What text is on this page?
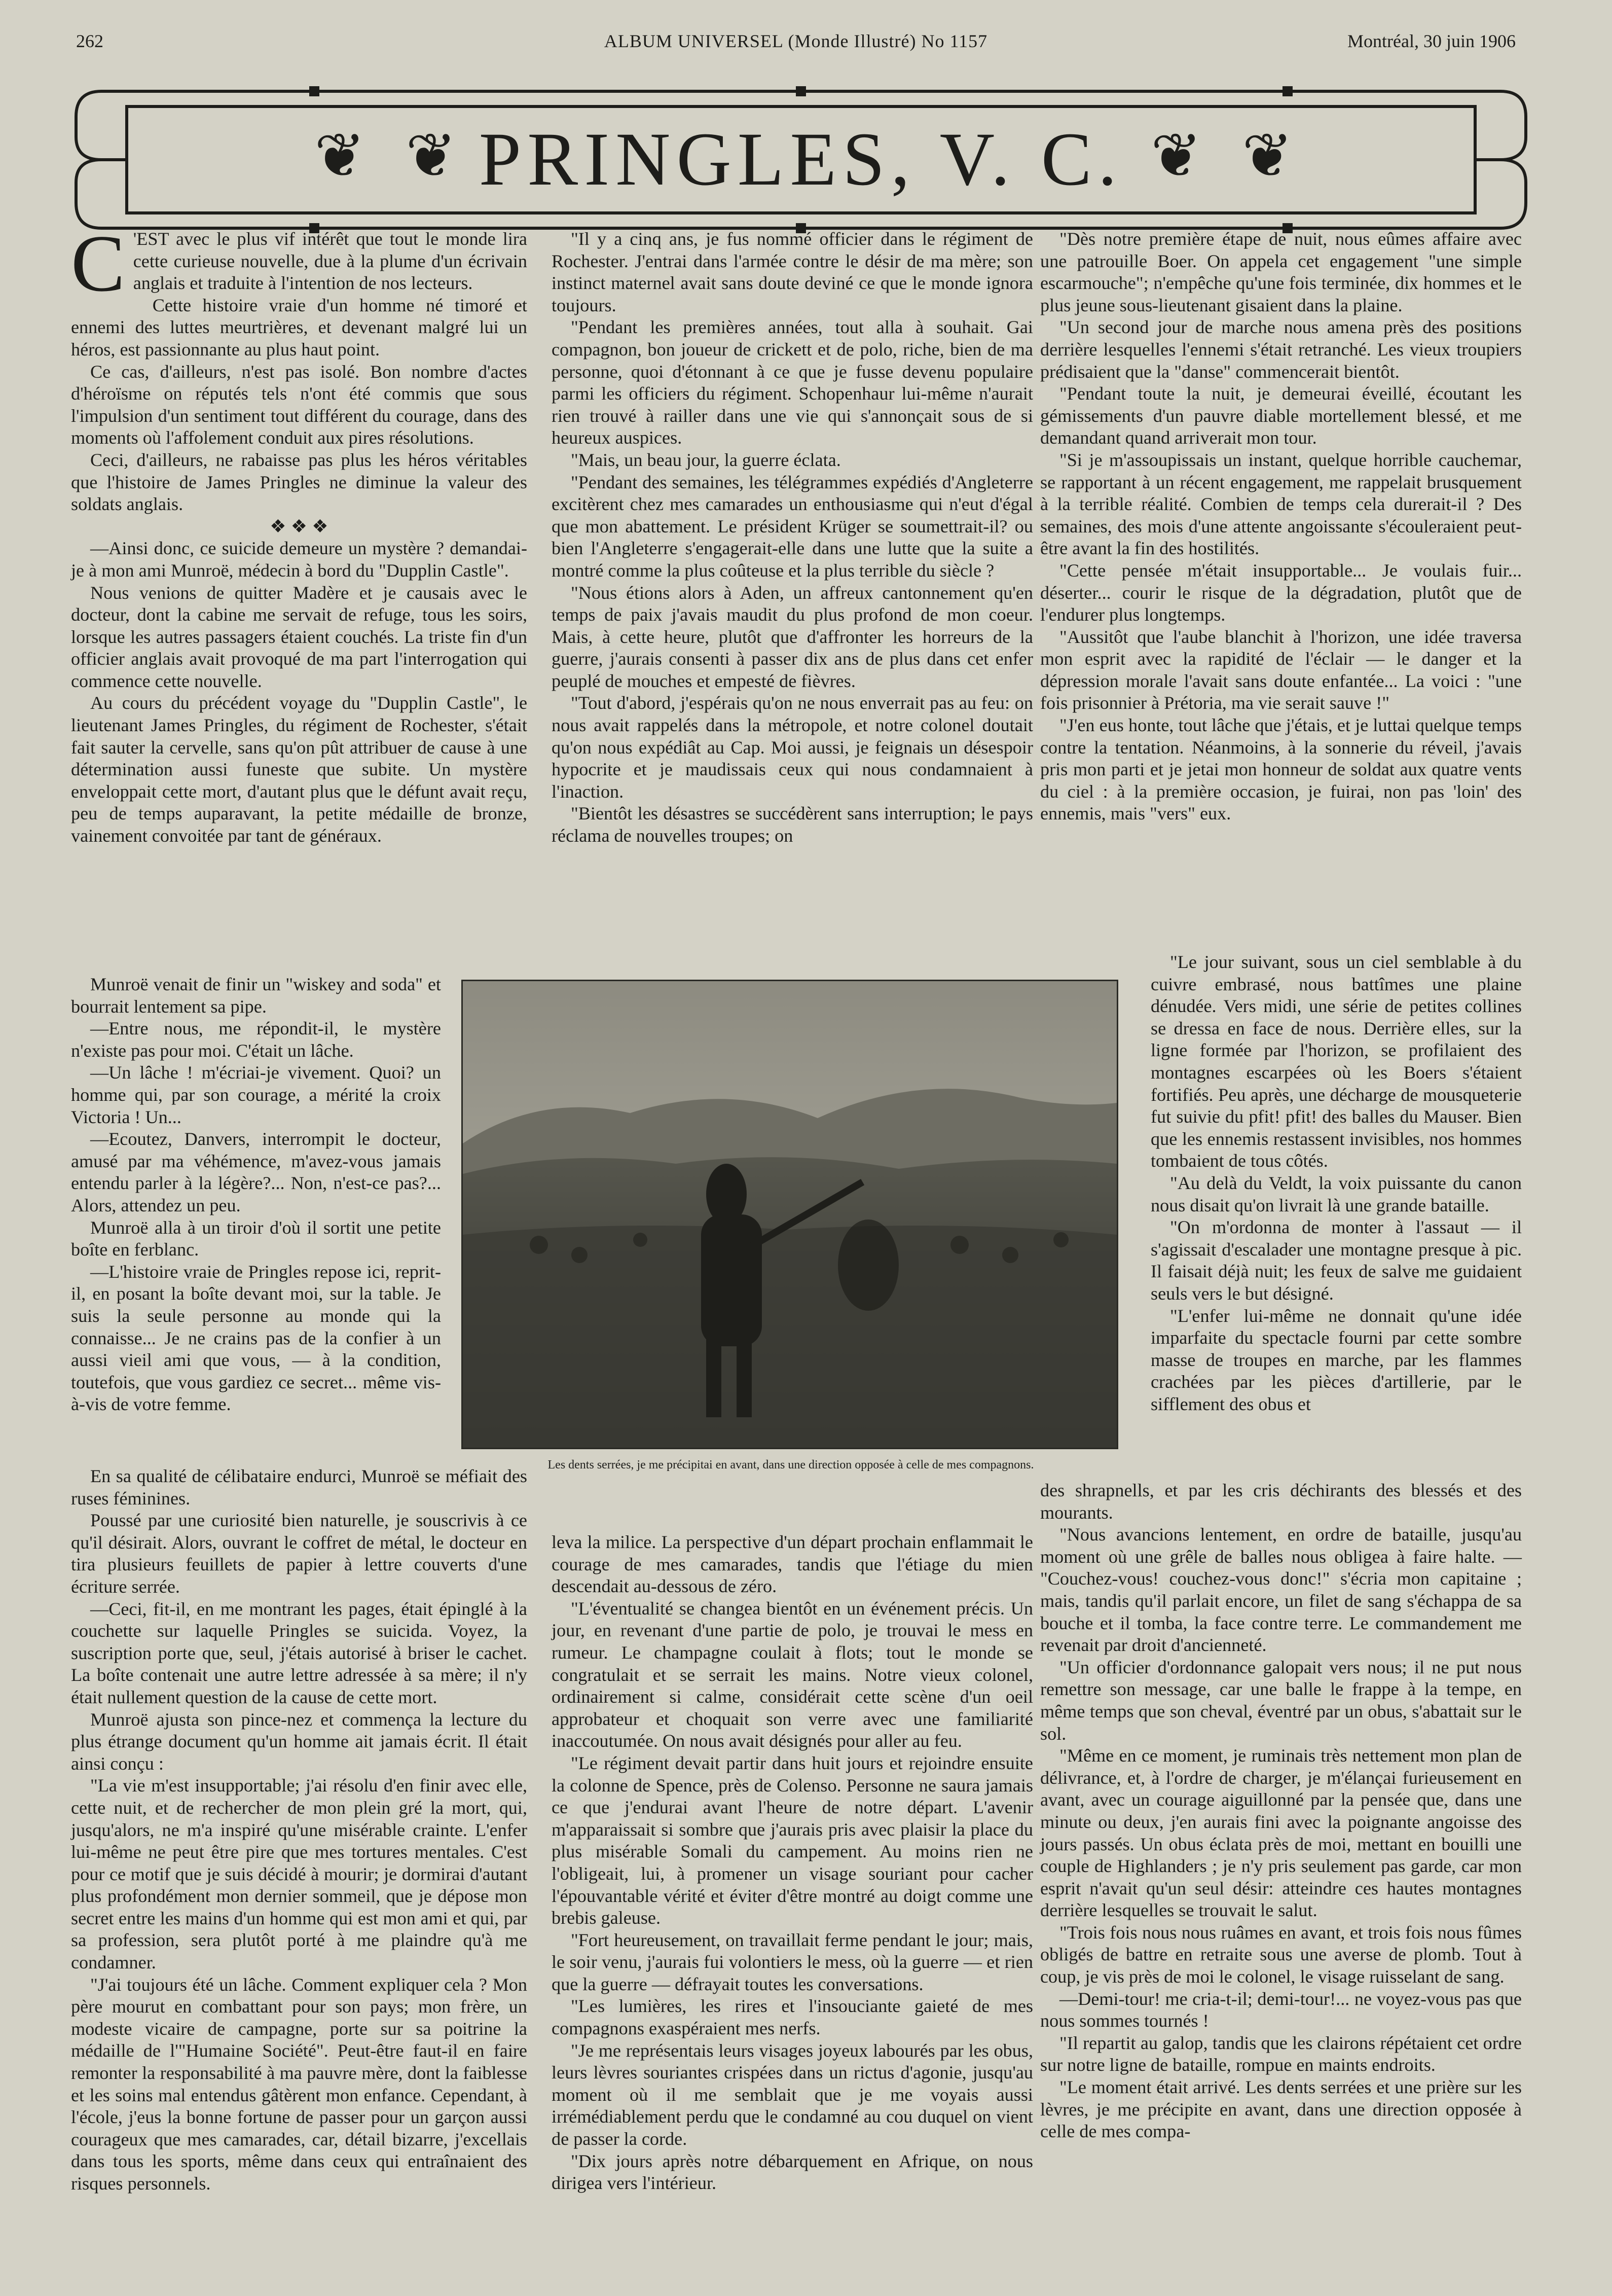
262	ALBUM UNIVERSEL (Monde Illustré) No 1157	Montréal, 30 juin 1906
❦ ❦	❦ ❦
PRINGLES, V. C.

C 'EST avec le plus vif intérêt que tout le monde lira cette curieuse nouvelle, due à la plume d'un écrivain anglais et traduite à l'intention de nos lecteurs.

Cette histoire vraie d'un homme né timoré et ennemi des luttes meurtrières, et devenant malgré lui un héros, est passionnante au plus haut point.

Ce cas, d'ailleurs, n'est pas isolé. Bon nombre d'actes d'héroïsme on réputés tels n'ont été commis que sous l'impulsion d'un sentiment tout différent du courage, dans des moments où l'affolement conduit aux pires résolutions.

Ceci, d'ailleurs, ne rabaisse pas plus les héros véritables que l'histoire de James Pringles ne diminue la valeur des soldats anglais.

❖ ❖ ❖

—Ainsi donc, ce suicide demeure un mystère ? demandai-je à mon ami Munroë, médecin à bord du "Dupplin Castle".

Nous venions de quitter Madère et je causais avec le docteur, dont la cabine me servait de refuge, tous les soirs, lorsque les autres passagers étaient couchés. La triste fin d'un officier anglais avait provoqué de ma part l'interrogation qui commence cette nouvelle.

Au cours du précédent voyage du "Dupplin Castle", le lieutenant James Pringles, du régiment de Rochester, s'était fait sauter la cervelle, sans qu'on pût attribuer de cause à une détermination aussi funeste que subite. Un mystère enveloppait cette mort, d'autant plus que le défunt avait reçu, peu de temps auparavant, la petite médaille de bronze, vainement convoitée par tant de généraux.

Munroë venait de finir un "wiskey and soda" et bourrait lentement sa pipe.

—Entre nous, me répondit-il, le mystère n'existe pas pour moi. C'était un lâche.

—Un lâche ! m'écriai-je vivement. Quoi? un homme qui, par son courage, a mérité la croix Victoria ! Un...

—Ecoutez, Danvers, interrompit le docteur, amusé par ma véhémence, m'avez-vous jamais entendu parler à la légère?... Non, n'est-ce pas?... Alors, attendez un peu.

Munroë alla à un tiroir d'où il sortit une petite boîte en ferblanc.

—L'histoire vraie de Pringles repose ici, reprit-il, en posant la boîte devant moi, sur la table. Je suis la seule personne au monde qui la connaisse... Je ne crains pas de la confier à un aussi vieil ami que vous, — à la condition, toutefois, que vous gardiez ce secret... même vis-à-vis de votre femme.

En sa qualité de célibataire endurci, Munroë se méfiait des ruses féminines.

Poussé par une curiosité bien naturelle, je souscrivis à ce qu'il désirait. Alors, ouvrant le coffret de métal, le docteur en tira plusieurs feuillets de papier à lettre couverts d'une écriture serrée.

—Ceci, fit-il, en me montrant les pages, était épinglé à la couchette sur laquelle Pringles se suicida. Voyez, la suscription porte que, seul, j'étais autorisé à briser le cachet. La boîte contenait une autre lettre adressée à sa mère; il n'y était nullement question de la cause de cette mort.

Munroë ajusta son pince-nez et commença la lecture du plus étrange document qu'un homme ait jamais écrit. Il était ainsi conçu :

"La vie m'est insupportable; j'ai résolu d'en finir avec elle, cette nuit, et de rechercher de mon plein gré la mort, qui, jusqu'alors, ne m'a inspiré qu'une misérable crainte. L'enfer lui-même ne peut être pire que mes tortures mentales. C'est pour ce motif que je suis décidé à mourir; je dormirai d'autant plus profondément mon dernier sommeil, que je dépose mon secret entre les mains d'un homme qui est mon ami et qui, par sa profession, sera plutôt porté à me plaindre qu'à me condamner.

"J'ai toujours été un lâche. Comment expliquer cela ? Mon père mourut en combattant pour son pays; mon frère, un modeste vicaire de campagne, porte sur sa poitrine la médaille de l'"Humaine Société". Peut-être faut-il en faire remonter la responsabilité à ma pauvre mère, dont la faiblesse et les soins mal entendus gâtèrent mon enfance. Cependant, à l'école, j'eus la bonne fortune de passer pour un garçon aussi courageux que mes camarades, car, détail bizarre, j'excellais dans tous les sports, même dans ceux qui entraînaient des risques personnels.

"Il y a cinq ans, je fus nommé officier dans le régiment de Rochester. J'entrai dans l'armée contre le désir de ma mère; son instinct maternel avait sans doute deviné ce que le monde ignora toujours.

"Pendant les premières années, tout alla à souhait. Gai compagnon, bon joueur de crickett et de polo, riche, bien de ma personne, quoi d'étonnant à ce que je fusse devenu populaire parmi les officiers du régiment. Schopenhaur lui-même n'aurait rien trouvé à railler dans une vie qui s'annonçait sous de si heureux auspices.

"Mais, un beau jour, la guerre éclata.

"Pendant des semaines, les télégrammes expédiés d'Angleterre excitèrent chez mes camarades un enthousiasme qui n'eut d'égal que mon abattement. Le président Krüger se soumettrait-il? ou bien l'Angleterre s'engagerait-elle dans une lutte que la suite a montré comme la plus coûteuse et la plus terrible du siècle ?

"Nous étions alors à Aden, un affreux cantonnement qu'en temps de paix j'avais maudit du plus profond de mon coeur. Mais, à cette heure, plutôt que d'affronter les horreurs de la guerre, j'aurais consenti à passer dix ans de plus dans cet enfer peuplé de mouches et empesté de fièvres.

"Tout d'abord, j'espérais qu'on ne nous enverrait pas au feu: on nous avait rappelés dans la métropole, et notre colonel doutait qu'on nous expédiât au Cap. Moi aussi, je feignais un désespoir hypocrite et je maudissais ceux qui nous condamnaient à l'inaction.

"Bientôt les désastres se succédèrent sans interruption; le pays réclama de nouvelles troupes; on

leva la milice. La perspective d'un départ prochain enflammait le courage de mes camarades, tandis que l'étiage du mien descendait au-dessous de zéro.

"L'éventualité se changea bientôt en un événement précis. Un jour, en revenant d'une partie de polo, je trouvai le mess en rumeur. Le champagne coulait à flots; tout le monde se congratulait et se serrait les mains. Notre vieux colonel, ordinairement si calme, considérait cette scène d'un oeil approbateur et choquait son verre avec une familiarité inaccoutumée. On nous avait désignés pour aller au feu.

"Le régiment devait partir dans huit jours et rejoindre ensuite la colonne de Spence, près de Colenso. Personne ne saura jamais ce que j'endurai avant l'heure de notre départ. L'avenir m'apparaissait si sombre que j'aurais pris avec plaisir la place du plus misérable Somali du campement. Au moins rien ne l'obligeait, lui, à promener un visage souriant pour cacher l'épouvantable vérité et éviter d'être montré au doigt comme une brebis galeuse.

"Fort heureusement, on travaillait ferme pendant le jour; mais, le soir venu, j'aurais fui volontiers le mess, où la guerre — et rien que la guerre — défrayait toutes les conversations.

"Les lumières, les rires et l'insouciante gaieté de mes compagnons exaspéraient mes nerfs.

"Je me représentais leurs visages joyeux labourés par les obus, leurs lèvres souriantes crispées dans un rictus d'agonie, jusqu'au moment où il me semblait que je me voyais aussi irrémédiablement perdu que le condamné au cou duquel on vient de passer la corde.

"Dix jours après notre débarquement en Afrique, on nous dirigea vers l'intérieur.

"Dès notre première étape de nuit, nous eûmes affaire avec une patrouille Boer. On appela cet engagement "une simple escarmouche"; n'empêche qu'une fois terminée, dix hommes et le plus jeune sous-lieutenant gisaient dans la plaine.

"Un second jour de marche nous amena près des positions derrière lesquelles l'ennemi s'était retranché. Les vieux troupiers prédisaient que la "danse" commencerait bientôt.

"Pendant toute la nuit, je demeurai éveillé, écoutant les gémissements d'un pauvre diable mortellement blessé, et me demandant quand arriverait mon tour.

"Si je m'assoupissais un instant, quelque horrible cauchemar, se rapportant à un récent engagement, me rappelait brusquement à la terrible réalité. Combien de temps cela durerait-il ? Des semaines, des mois d'une attente angoissante s'écouleraient peut-être avant la fin des hostilités.

"Cette pensée m'était insupportable... Je voulais fuir... déserter... courir le risque de la dégradation, plutôt que de l'endurer plus longtemps.

"Aussitôt que l'aube blanchit à l'horizon, une idée traversa mon esprit avec la rapidité de l'éclair — le danger et la dépression morale l'avait sans doute enfantée... La voici : "une fois prisonnier à Prétoria, ma vie serait sauve !"

"J'en eus honte, tout lâche que j'étais, et je luttai quelque temps contre la tentation. Néanmoins, à la sonnerie du réveil, j'avais pris mon parti et je jetai mon honneur de soldat aux quatre vents du ciel : à la première occasion, je fuirai, non pas 'loin' des ennemis, mais "vers" eux.

"Le jour suivant, sous un ciel semblable à du cuivre embrasé, nous battîmes une plaine dénudée. Vers midi, une série de petites collines se dressa en face de nous. Derrière elles, sur la ligne formée par l'horizon, se profilaient des montagnes escarpées où les Boers s'étaient fortifiés. Peu après, une décharge de mousqueterie fut suivie du pfit! pfit! des balles du Mauser. Bien que les ennemis restassent invisibles, nos hommes tombaient de tous côtés.

"Au delà du Veldt, la voix puissante du canon nous disait qu'on livrait là une grande bataille.

"On m'ordonna de monter à l'assaut — il s'agissait d'escalader une montagne presque à pic. Il faisait déjà nuit; les feux de salve me guidaient seuls vers le but désigné.

"L'enfer lui-même ne donnait qu'une idée imparfaite du spectacle fourni par cette sombre masse de troupes en marche, par les flammes crachées par les pièces d'artillerie, par le sifflement des obus et

des shrapnells, et par les cris déchirants des blessés et des mourants.

"Nous avancions lentement, en ordre de bataille, jusqu'au moment où une grêle de balles nous obligea à faire halte. — "Couchez-vous! couchez-vous donc!" s'écria mon capitaine ; mais, tandis qu'il parlait encore, un filet de sang s'échappa de sa bouche et il tomba, la face contre terre. Le commandement me revenait par droit d'ancienneté.

"Un officier d'ordonnance galopait vers nous; il ne put nous remettre son message, car une balle le frappe à la tempe, en même temps que son cheval, éventré par un obus, s'abattait sur le sol.

"Même en ce moment, je ruminais très nettement mon plan de délivrance, et, à l'ordre de charger, je m'élançai furieusement en avant, avec un courage aiguillonné par la pensée que, dans une minute ou deux, j'en aurais fini avec la poignante angoisse des jours passés. Un obus éclata près de moi, mettant en bouilli une couple de Highlanders ; je n'y pris seulement pas garde, car mon esprit n'avait qu'un seul désir: atteindre ces hautes montagnes derrière lesquelles se trouvait le salut.

"Trois fois nous nous ruâmes en avant, et trois fois nous fûmes obligés de battre en retraite sous une averse de plomb. Tout à coup, je vis près de moi le colonel, le visage ruisselant de sang.

—Demi-tour! me cria-t-il; demi-tour!... ne voyez-vous pas que nous sommes tournés !

"Il repartit au galop, tandis que les clairons répétaient cet ordre sur notre ligne de bataille, rompue en maints endroits.

"Le moment était arrivé. Les dents serrées et une prière sur les lèvres, je me précipite en avant, dans une direction opposée à celle de mes compa-

Les dents serrées, je me précipitai en avant, dans une direction opposée à celle de mes compagnons.
